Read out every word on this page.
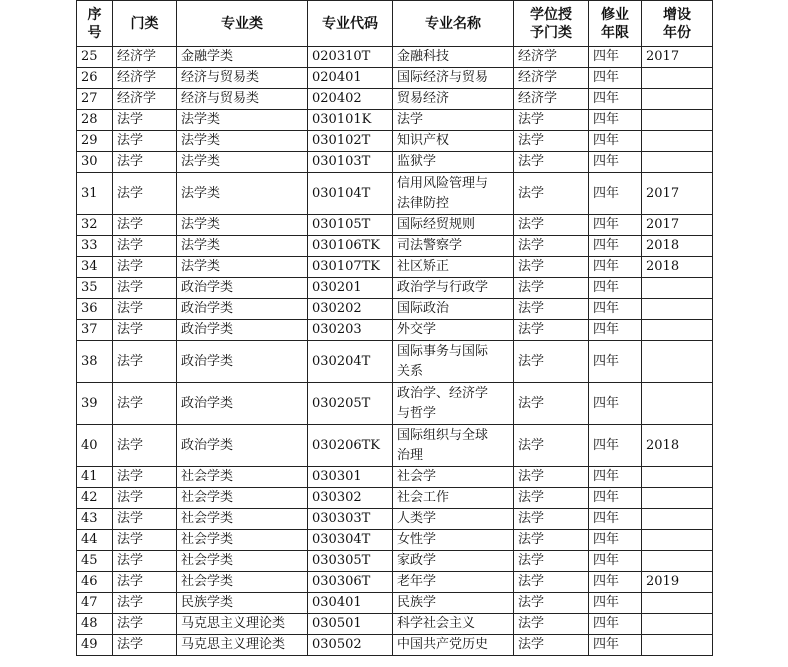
序
号	门类	专业类	专业代码	专业名称	学位授
予门类	修业
年限	增设
年份
25	经济学	金融学类	020310T	金融科技	经济学	四年	2017
26	经济学	经济与贸易类	020401	国际经济与贸易	经济学	四年	
27	经济学	经济与贸易类	020402	贸易经济	经济学	四年	
28	法学	法学类	030101K	法学	法学	四年	
29	法学	法学类	030102T	知识产权	法学	四年	
30	法学	法学类	030103T	监狱学	法学	四年	
31	法学	法学类	030104T	信用风险管理与
法律防控	法学	四年	2017
32	法学	法学类	030105T	国际经贸规则	法学	四年	2017
33	法学	法学类	030106TK	司法警察学	法学	四年	2018
34	法学	法学类	030107TK	社区矫正	法学	四年	2018
35	法学	政治学类	030201	政治学与行政学	法学	四年	
36	法学	政治学类	030202	国际政治	法学	四年	
37	法学	政治学类	030203	外交学	法学	四年	
38	法学	政治学类	030204T	国际事务与国际
关系	法学	四年	
39	法学	政治学类	030205T	政治学、经济学
与哲学	法学	四年	
40	法学	政治学类	030206TK	国际组织与全球
治理	法学	四年	2018
41	法学	社会学类	030301	社会学	法学	四年	
42	法学	社会学类	030302	社会工作	法学	四年	
43	法学	社会学类	030303T	人类学	法学	四年	
44	法学	社会学类	030304T	女性学	法学	四年	
45	法学	社会学类	030305T	家政学	法学	四年	
46	法学	社会学类	030306T	老年学	法学	四年	2019
47	法学	民族学类	030401	民族学	法学	四年	
48	法学	马克思主义理论类	030501	科学社会主义	法学	四年	
49	法学	马克思主义理论类	030502	中国共产党历史	法学	四年	
